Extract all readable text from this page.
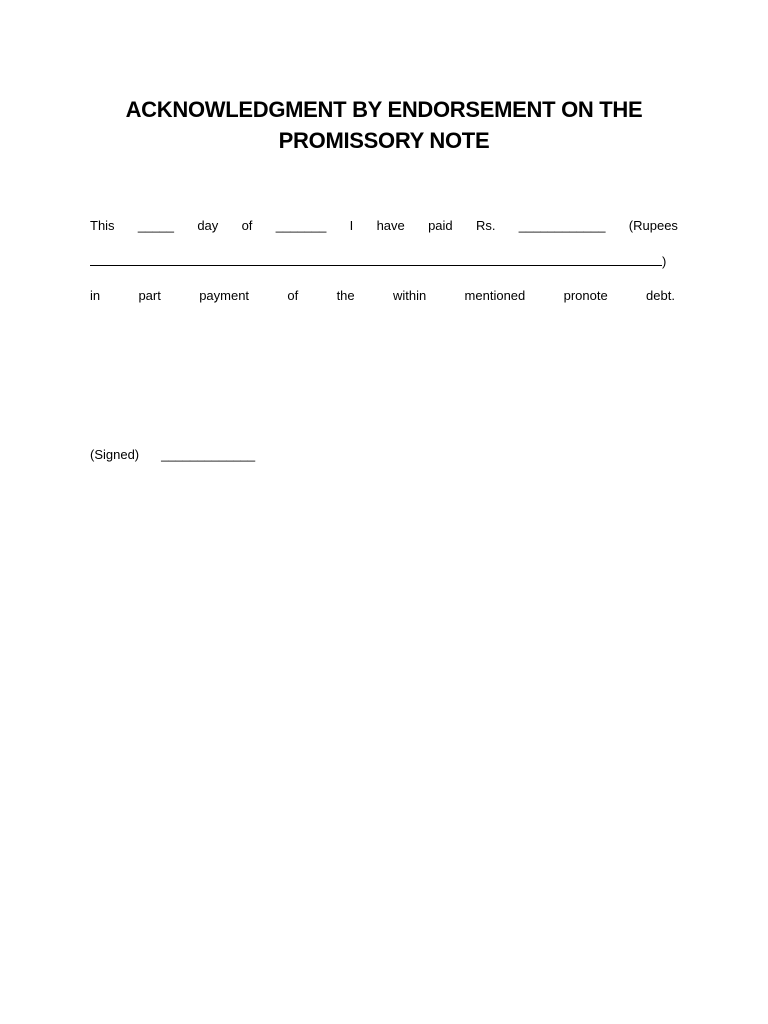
ACKNOWLEDGMENT BY ENDORSEMENT ON THE
PROMISSORY NOTE
This _____ day of _______ I have paid Rs. ____________ (Rupees
)
in	part	payment	of	the	within	mentioned	pronote	debt.
(Signed) _____________
